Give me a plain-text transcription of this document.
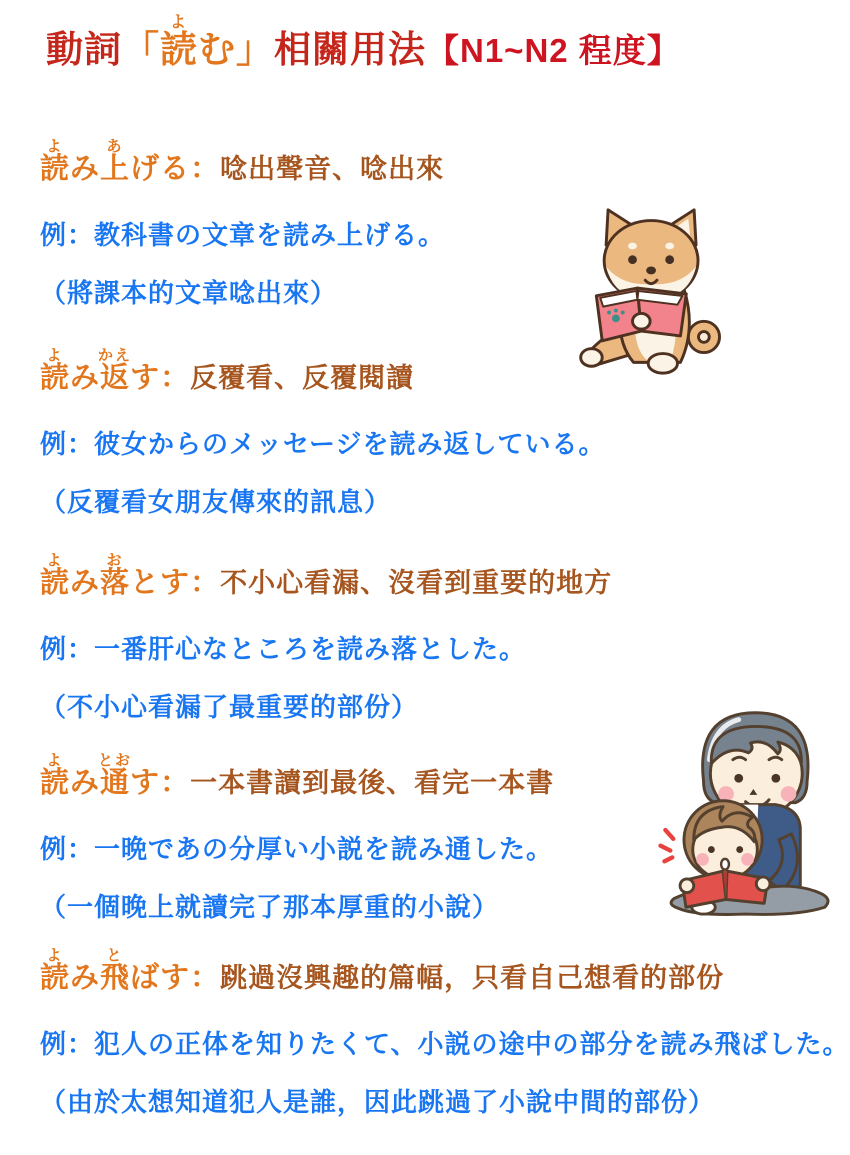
動詞「読よむ」相關用法【N1~N2 程度】
読よみ上あげる：唸出聲音、唸出來

例：教科書の文章を読み上げる。

（將課本的文章唸出來）

読よみ返かえす：反覆看、反覆閱讀

例：彼女からのメッセージを読み返している。

（反覆看女朋友傳來的訊息）

読よみ落おとす：不小心看漏、沒看到重要的地方

例：一番肝心なところを読み落とした。

（不小心看漏了最重要的部份）

読よみ通とおす：一本書讀到最後、看完一本書

例：一晩であの分厚い小説を読み通した。

（一個晚上就讀完了那本厚重的小說）

読よみ飛とばす：跳過沒興趣的篇幅，只看自己想看的部份

例：犯人の正体を知りたくて、小説の途中の部分を読み飛ばした。

（由於太想知道犯人是誰，因此跳過了小說中間的部份）
